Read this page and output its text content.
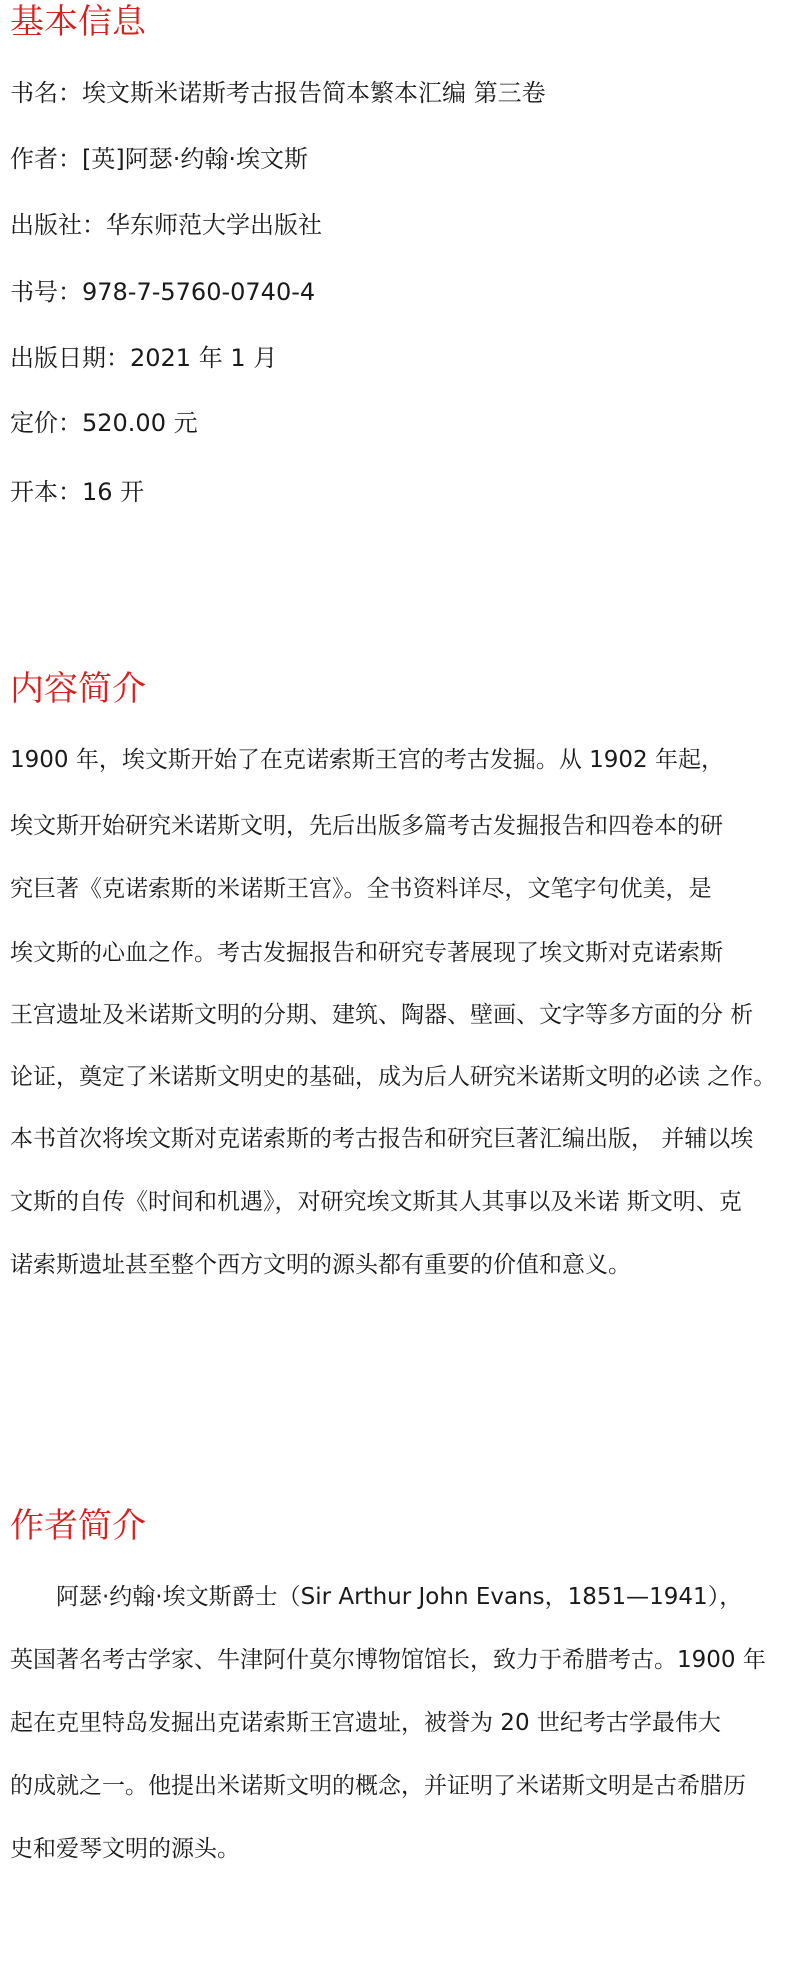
基本信息

书名：埃文斯米诺斯考古报告简本繁本汇编 第三卷

作者：[英]阿瑟·约翰·埃文斯

出版社：华东师范大学出版社

书号：978-7-5760-0740-4

出版日期：2021 年 1 月

定价：520.00 元

开本：16 开

内容简介

1900 年，埃文斯开始了在克诺索斯王宫的考古发掘。从 1902 年起，

埃文斯开始研究米诺斯文明，先后出版多篇考古发掘报告和四卷本的研

究巨著《克诺索斯的米诺斯王宫》。全书资料详尽，文笔字句优美，是

埃文斯的心血之作。考古发掘报告和研究专著展现了埃文斯对克诺索斯

王宫遗址及米诺斯文明的分期、建筑、陶器、壁画、文字等多方面的分 析

论证，奠定了米诺斯文明史的基础，成为后人研究米诺斯文明的必读 之作。

本书首次将埃文斯对克诺索斯的考古报告和研究巨著汇编出版， 并辅以埃

文斯的自传《时间和机遇》，对研究埃文斯其人其事以及米诺 斯文明、克

诺索斯遗址甚至整个西方文明的源头都有重要的价值和意义。

作者简介

阿瑟·约翰·埃文斯爵士（Sir Arthur John Evans，1851—1941），

英国著名考古学家、牛津阿什莫尔博物馆馆长，致力于希腊考古。1900 年

起在克里特岛发掘出克诺索斯王宫遗址，被誉为 20 世纪考古学最伟大

的成就之一。他提出米诺斯文明的概念，并证明了米诺斯文明是古希腊历

史和爱琴文明的源头。
